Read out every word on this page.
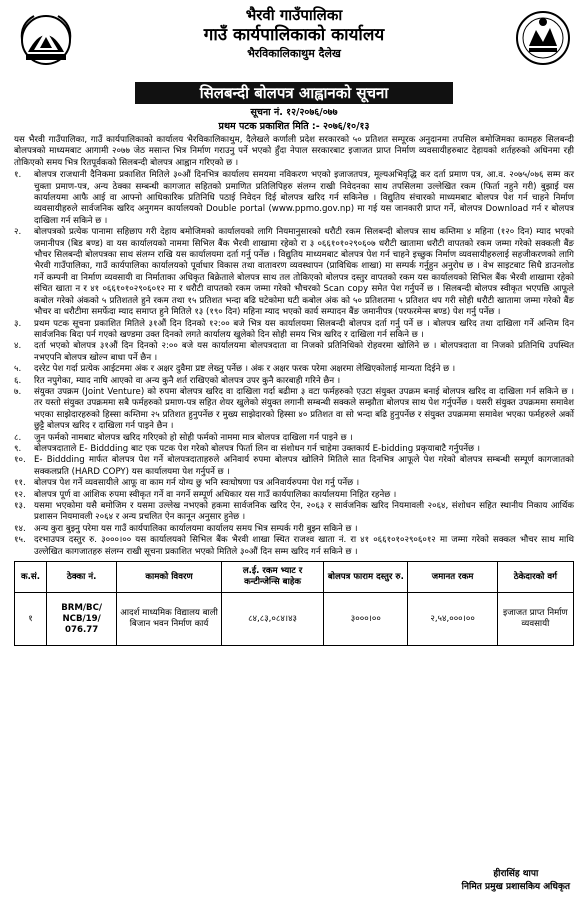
भैरवी गाउँपालिका
गाउँ कार्यपालिकाको कार्यालय
भैरविकालिकाथुम दैलेख
सिलबन्दी बोलपत्र आह्वानको सूचना
सूचना नं. १२/२०७६/०७७
प्रथम पटक प्रकाशित मिति :- २०७६/१०/१३
यस भैरवी गाउँपालिका, गाउँ कार्यपालिकाको कार्यालय भैरविकालिकाथुम, दैलेखले कर्णाली प्रदेश सरकारको ५० प्रतिशत सम्पूरक अनुदानमा तपसिल बमोजिमका कामहरु सिलबन्दी बोलपत्रको माध्यमबाट आगामी २०७७ जेठ मसान्त भित्र निर्माण गराउनु पर्ने भएको हुँदा नेपाल सरकारबाट इजाजत प्राप्त निर्माण व्यवसायीहरुबाट देहायको शर्तहरुको अधिनमा रही तोकिएको समय भित्र रितपूर्वकको सिलबन्दी बोलपत्र आह्वान गरिएको छ ।
१.	बोलपत्र राजधानी दैनिकमा प्रकाशित मितिले ३०औं दिनभित्र कार्यालय समयमा नविकरण भएको इजाजतपत्र, मूल्यअभिवृद्धि कर दर्ता प्रमाण पत्र, आ.व. २०७५/०७६ सम्म कर चुक्ता प्रमाण-पत्र, अन्य ठेक्का सम्बन्धी कागजात सहितको प्रमाणित प्रतिलिपिहरु संलग्न राखी निवेदनका साथ तपसिलमा उल्लेखित रकम (फिर्ता नहुने गरी) बुझाई यस कार्यालयमा आफै आई वा आफ्नो आधिकारिक प्रतिनिधि पठाई निवेदन दिई बोलपत्र खरिद गर्न सकिनेछ । विद्युतिय संचारको माध्यमबाट बोलपत्र पेश गर्न चाहने निर्माण व्यवसायीहरुले सार्वजनिक खरिद अनुगमन कार्यालयको Double portal (www.ppmo.gov.np) मा गई यस जानकारी प्राप्त गर्ने, बोलपत्र Download गर्न र बोलपत्र दाखिला गर्न सकिने छ ।
२.	बोलपत्रको प्रत्येक पानामा सहिछाप गरी देहाय बमोजिमको कार्यालयको लागि नियमानुसारको धरौटी रकम सिलबन्दी बोलपत्र साथ कम्तिमा ४ महिना (१२० दिन) म्याद भएको जमानीपत्र (बिड बण्ड) वा यस कार्यालयको नाममा सिभिल बैंक भैरवी शाखामा रहेको रा ३ ०६६१०१०२९०६०७ धरौटी खातामा धरौटी वापतको रकम जम्मा गरेको सक्कली बैंङ भौचर सिलबन्दी बोलपत्रका साथ संलग्न राखि यस कार्यालयमा दर्ता गर्नु पर्नेछ । विद्युतिय माध्यमबाट बोलपत्र पेश गर्न चाहने इच्छुक निर्माण व्यवसायीहरुलाई सहजीकरणको लागि भैरवी गाउँपालिका, गाउँ कार्यपालिका कार्यालयको पूर्वाधार विकास तथा वातावरण व्यवस्थापन (प्राविधिक शाखा) मा सम्पर्क गर्नुहुन अनुरोध छ । वेभ साइटबाट सिधै डाउनलोड गर्ने कम्पनी वा निर्माण व्यवसायी वा निर्माताका अधिकृत बिक्रेताले बोलपत्र साथ तल तोकिएको बोलपत्र दस्तुर वापतको रकम यस कार्यालयको सिभिल बैंक भैरवी शाखामा रहेको संचित खाता न र ४१ ०६६१०१०२९०६०१२ मा र धरौटी वापतको रकम जम्मा गरेको भौचरको Scan copy समेत पेश गर्नुपर्ने छ । सिलबन्दी बोलपत्र स्वीकृत भएपछि आफूले कबोल गरेको अंकको ५ प्रतिशतले हुने रकम तथा १५ प्रतिशत भन्दा बढि घटेकोमा घटी कबोल अंक को ५० प्रतिशतमा ५ प्रतिशत थप गरी सोही धरौटी खातामा जम्मा गरेको बैंङ भौचर वा धरौटीमा समर्फेदा म्याद समाप्त हुने मितिले १३ (१९० दिन) महिना म्याद भएको कार्य सम्पादन बैंङ जमानीपत्र (परफरमेन्स बण्ड) पेश गर्नु पर्नेछ ।
३.	प्रथम पटक सूचना प्रकाशित मितिले ३१औं दिन दिनको १२:०० बजे भित्र यस कार्यालयमा सिलबन्दी बोलपत्र दर्ता गर्नु पर्ने छ । बोलपत्र खरिद तथा दाखिला गर्ने अन्तिम दिन सार्वजनिक बिदा पर्न गएको खण्डमा उक्त दिनको लगते कार्यालय खुलेको दिन सोही समय भित्र खरिद र दाखिला गर्न सकिने छ ।
४.	दर्ता भएको बोलपत्र ३१औं दिन दिनको २:०० बजे यस कार्यालयमा बोलपत्रदाता वा निजको प्रतिनिधिको रोहवरमा खोलिने छ । बोलपत्रदाता वा निजको प्रतिनिधि उपस्थित नभएपनि बोलपत्र खोल्न बाधा पर्ने छैन ।
५.	दररेट पेश गर्दा प्रत्येक आईटममा अंक र अक्षर दुवैमा प्रष्ट लेख्नु पर्नेछ । अंक र अक्षर फरक परेमा अक्षरमा लेखिएकोलाई मान्यता दिईने छ ।
६.	रित नपुगेका, म्याद नाघि आएको वा अन्य कुनै शर्त राखिएको बोलपत्र उपर कुनै कारबाही गरिने छैन ।
७.	संयुक्त उपक्रम (Joint Venture) को रुपमा बोलपत्र खरिद वा दाखिला गर्दा बढीमा ३ वटा फर्महरुको एउटा संयुक्त उपक्रम बनाई बोलपत्र खरिद वा दाखिला गर्न सकिने छ । तर यस्तो संयुक्त उपक्रममा सबै फर्महरुको प्रमाण-पत्र सहित शेयर खुलेको संयुक्त लगानी सम्बन्धी सक्कले सम्झौता बोलपत्र साथ पेश गर्नुपर्नेछ । यसरी संयुक्त उपक्रममा समावेश भएका साझेदारहरुको हिस्सा कम्तिमा २५ प्रतिशत हुनुपर्नेछ र मुख्य साझेदारको हिस्सा ४० प्रतिशत वा सो भन्दा बढि हुनुपर्नेछ र संयुक्त उपक्रममा समावेश भएका फर्महरुले अर्को छुट्टै बोलपत्र खरिद र दाखिला गर्न पाइने छैन ।
८.	जुन फर्मको नामबाट बोलपत्र खरिद गरिएको हो सोही फर्मको नाममा मात्र बोलपत्र दाखिला गर्न पाइने छ ।
९.	बोलपत्रदाताले E- Biddding बाट एक पटक पेश गरेको बोलपत्र फिर्ता लिन वा संशोधन गर्न चाहेमा उक्तकार्य E-bidding प्रकृयाबाटै गर्नुपर्नेछ ।
१०. E- Biddding मार्फत बोलपत्र पेश गर्ने बोलपत्रदाताहरुले अनिवार्य रुपमा बोलपत्र खोलिने मितिले सात दिनभित्र आफूले पेश गरेको बोलपत्र सम्बन्धी सम्पूर्ण कागजातको सक्कलप्रति (HARD COPY) यस कार्यालयमा पेश गर्नुपर्ने छ ।
११. बोलपत्र पेश गर्ने व्यवसायीले आफू वा काम गर्न योग्य छु भनि स्वःघोषणा पत्र अनिवार्यरुपमा पेश गर्नु पर्नेछ ।
१२. बोलपत्र पूर्ण वा आंशिक रुपमा स्वीकृत गर्ने वा नगर्ने सम्पूर्ण अधिकार यस गाउँ कार्यपालिका कार्यालयमा निहित रहनेछ ।
१३. यसमा भएकोमा यसै बमोजिम र यसमा उल्लेख नभएको हकमा सार्वजनिक खरिद ऐन, २०६३ र सार्वजनिक खरिद नियमावली २०६४, संशोधन सहित स्थानीय निकाय आर्थिक प्रशासन नियमावली २०६४ र अन्य प्रचलित ऐन कानून अनुसार हुनेछ ।
१४. अन्य कुरा बुझ्नु परेमा यस गाउँ कार्यपालिका कार्यालयमा कार्यालय समय भित्र सम्पर्क गरी बुझ्न सकिने छ ।
१५. दरभाउपत्र दस्तुर रु. ३०००।०० यस कार्यालयको सिभिल बैंक भैरवी शाखा स्थित राजश्व खाता नं. रा ४१ ०६६१०१०२९०६०१२ मा जम्मा गरेको सक्कल भौचर साथ माथि उल्लेखित कागजातहरु संलग्न राखी सूचना प्रकाशित भएको मितिले ३०औं दिन सम्म खरिद गर्न सकिने छ ।
क.सं.	ठेक्का नं.	कामको विवरण	ल.ई. रकम भ्याट र कन्टीन्जेन्सि बाहेक	बोलपत्र फाराम दस्तुर रु.	जमानत रकम	ठेकेदारको वर्ग
१	BRM/BC/ NCB/19/ 076.77	आदर्श माध्यमिक विद्यालय बाली बिजान भवन निर्माण कार्य	८४,८३,०८४।४३	३०००।००	२,५४,०००।००	इजाजत प्राप्त निर्माण व्यवसायी
हीरासिंह थापा
निमित प्रमुख प्रशासकिय अधिकृत
